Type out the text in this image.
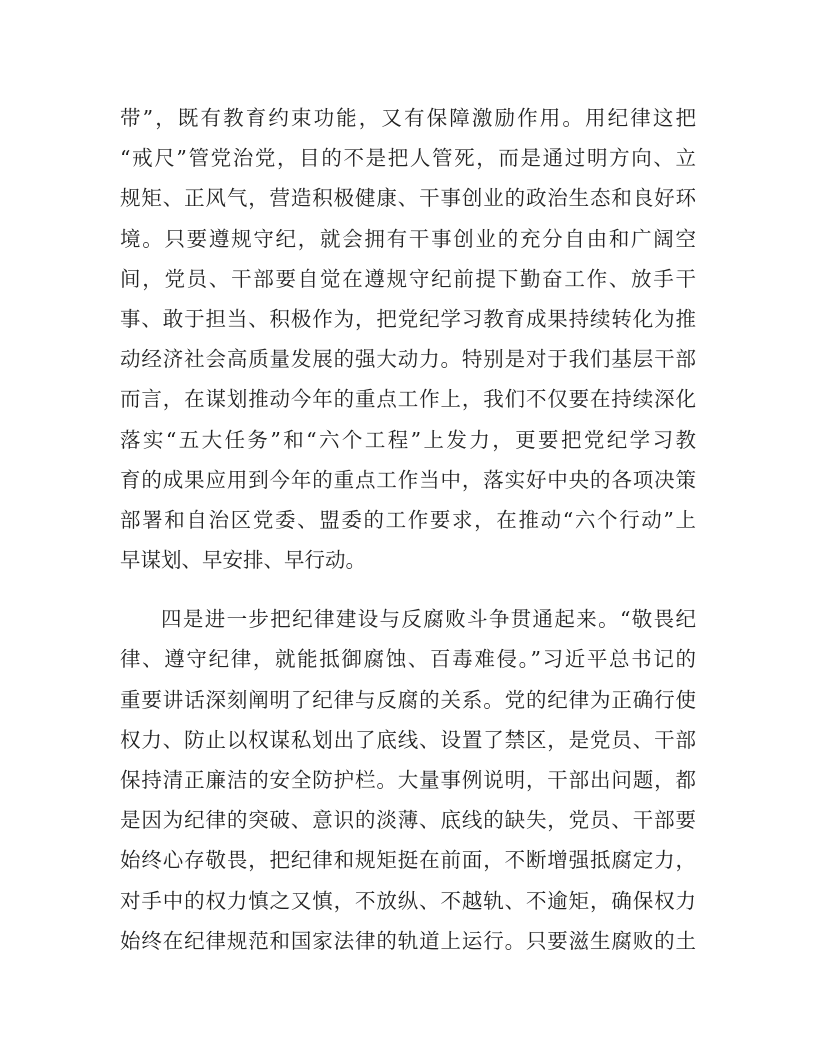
带”，既有教育约束功能，又有保障激励作用。用纪律这把
“戒尺”管党治党，目的不是把人管死，而是通过明方向、立
规矩、正风气，营造积极健康、干事创业的政治生态和良好环
境。只要遵规守纪，就会拥有干事创业的充分自由和广阔空
间，党员、干部要自觉在遵规守纪前提下勤奋工作、放手干
事、敢于担当、积极作为，把党纪学习教育成果持续转化为推
动经济社会高质量发展的强大动力。特别是对于我们基层干部
而言，在谋划推动今年的重点工作上，我们不仅要在持续深化
落实“五大任务”和“六个工程”上发力，更要把党纪学习教
育的成果应用到今年的重点工作当中，落实好中央的各项决策
部署和自治区党委、盟委的工作要求，在推动“六个行动”上
早谋划、早安排、早行动。
四是进一步把纪律建设与反腐败斗争贯通起来。“敬畏纪
律、遵守纪律，就能抵御腐蚀、百毒难侵。”习近平总书记的
重要讲话深刻阐明了纪律与反腐的关系。党的纪律为正确行使
权力、防止以权谋私划出了底线、设置了禁区，是党员、干部
保持清正廉洁的安全防护栏。大量事例说明，干部出问题，都
是因为纪律的突破、意识的淡薄、底线的缺失，党员、干部要
始终心存敬畏，把纪律和规矩挺在前面，不断增强抵腐定力，
对手中的权力慎之又慎，不放纵、不越轨、不逾矩，确保权力
始终在纪律规范和国家法律的轨道上运行。只要滋生腐败的土
